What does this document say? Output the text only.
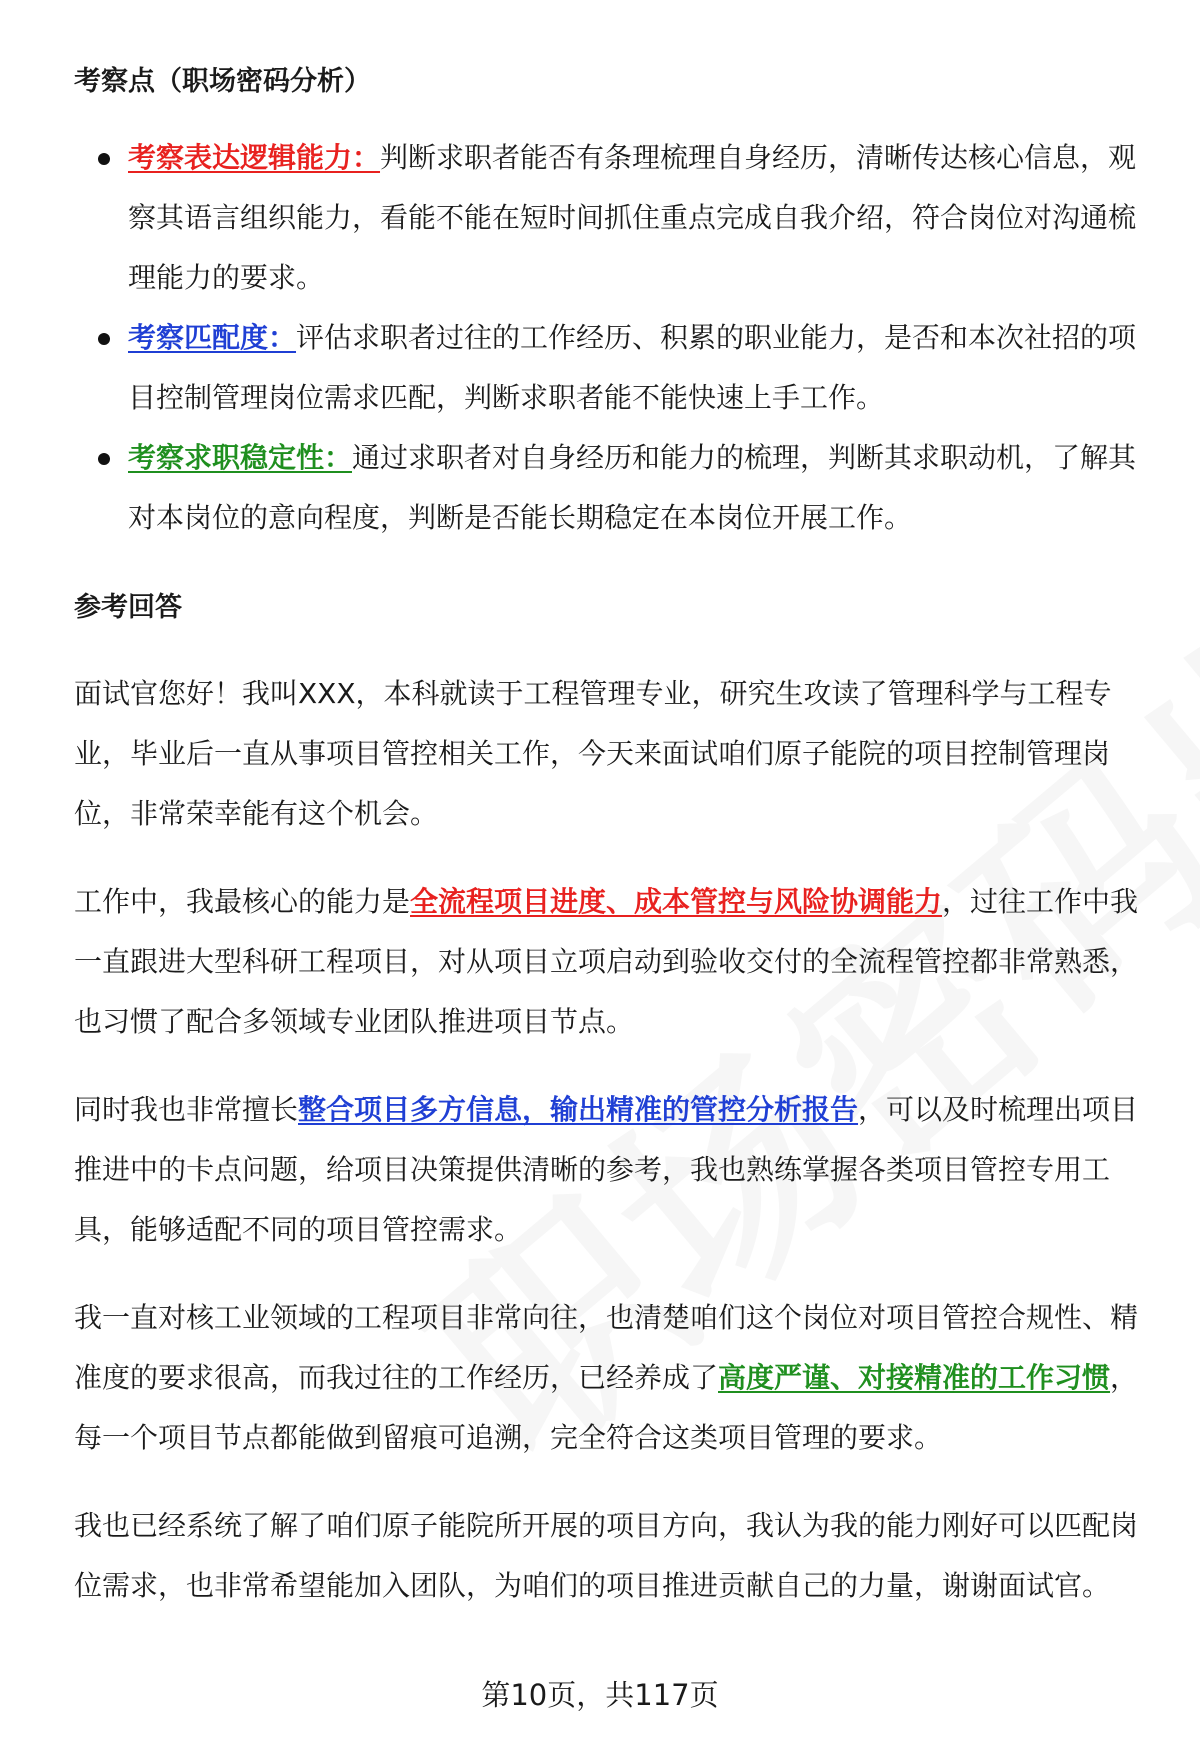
考察点（职场密码分析）
考察表达逻辑能力：判断求职者能否有条理梳理自身经历，清晰传达核心信息，观察其语言组织能力，看能不能在短时间抓住重点完成自我介绍，符合岗位对沟通梳理能力的要求。
考察匹配度：评估求职者过往的工作经历、积累的职业能力，是否和本次社招的项目控制管理岗位需求匹配，判断求职者能不能快速上手工作。
考察求职稳定性：通过求职者对自身经历和能力的梳理，判断其求职动机，了解其对本岗位的意向程度，判断是否能长期稳定在本岗位开展工作。
参考回答

面试官您好！我叫XXX，本科就读于工程管理专业，研究生攻读了管理科学与工程专业，毕业后一直从事项目管控相关工作，今天来面试咱们原子能院的项目控制管理岗位，非常荣幸能有这个机会。

工作中，我最核心的能力是全流程项目进度、成本管控与风险协调能力，过往工作中我一直跟进大型科研工程项目，对从项目立项启动到验收交付的全流程管控都非常熟悉，也习惯了配合多领域专业团队推进项目节点。

同时我也非常擅长整合项目多方信息，输出精准的管控分析报告，可以及时梳理出项目推进中的卡点问题，给项目决策提供清晰的参考，我也熟练掌握各类项目管控专用工具，能够适配不同的项目管控需求。

我一直对核工业领域的工程项目非常向往，也清楚咱们这个岗位对项目管控合规性、精准度的要求很高，而我过往的工作经历，已经养成了高度严谨、对接精准的工作习惯，每一个项目节点都能做到留痕可追溯，完全符合这类项目管理的要求。

我也已经系统了解了咱们原子能院所开展的项目方向，我认为我的能力刚好可以匹配岗位需求，也非常希望能加入团队，为咱们的项目推进贡献自己的力量，谢谢面试官。

第10页，共117页
